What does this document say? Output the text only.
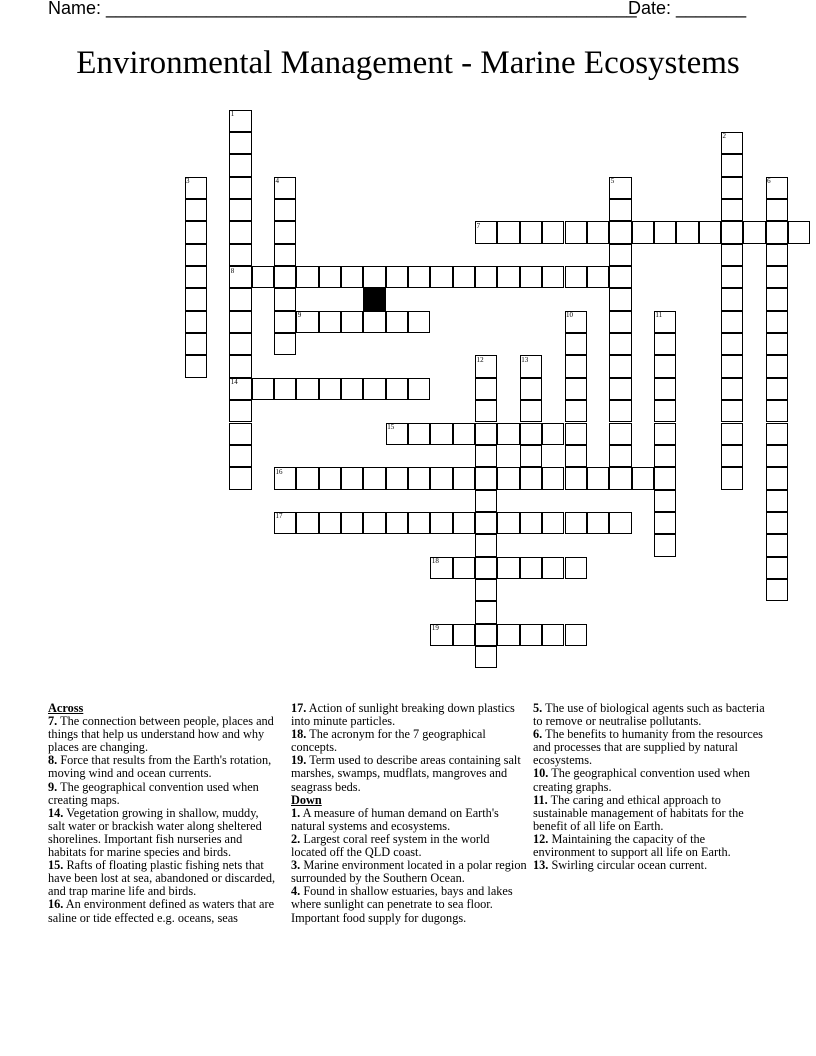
Name: _____________________________________________________
Date: _______
Environmental Management - Marine Ecosystems
1
2
3	4	5	6
7
8
9	10	11
12	13
14
15
16
17
18
19
Across
7. The connection between people, places and things that help us understand how and why places are changing.
8. Force that results from the Earth's rotation, moving wind and ocean currents.
9. The geographical convention used when creating maps.
14. Vegetation growing in shallow, muddy, salt water or brackish water along sheltered shorelines. Important fish nurseries and habitats for marine species and birds.
15. Rafts of floating plastic fishing nets that have been lost at sea, abandoned or discarded, and trap marine life and birds.
16. An environment defined as waters that are saline or tide effected e.g. oceans, seas
17. Action of sunlight breaking down plastics into minute particles.
18. The acronym for the 7 geographical concepts.
19. Term used to describe areas containing salt marshes, swamps, mudflats, mangroves and seagrass beds.
Down
1. A measure of human demand on Earth's natural systems and ecosystems.
2. Largest coral reef system in the world located off the QLD coast.
3. Marine environment located in a polar region surrounded by the Southern Ocean.
4. Found in shallow estuaries, bays and lakes where sunlight can penetrate to sea floor. Important food supply for dugongs.
5. The use of biological agents such as bacteria to remove or neutralise pollutants.
6. The benefits to humanity from the resources and processes that are supplied by natural ecosystems.
10. The geographical convention used when creating graphs.
11. The caring and ethical approach to sustainable management of habitats for the benefit of all life on Earth.
12. Maintaining the capacity of the environment to support all life on Earth.
13. Swirling circular ocean current.
